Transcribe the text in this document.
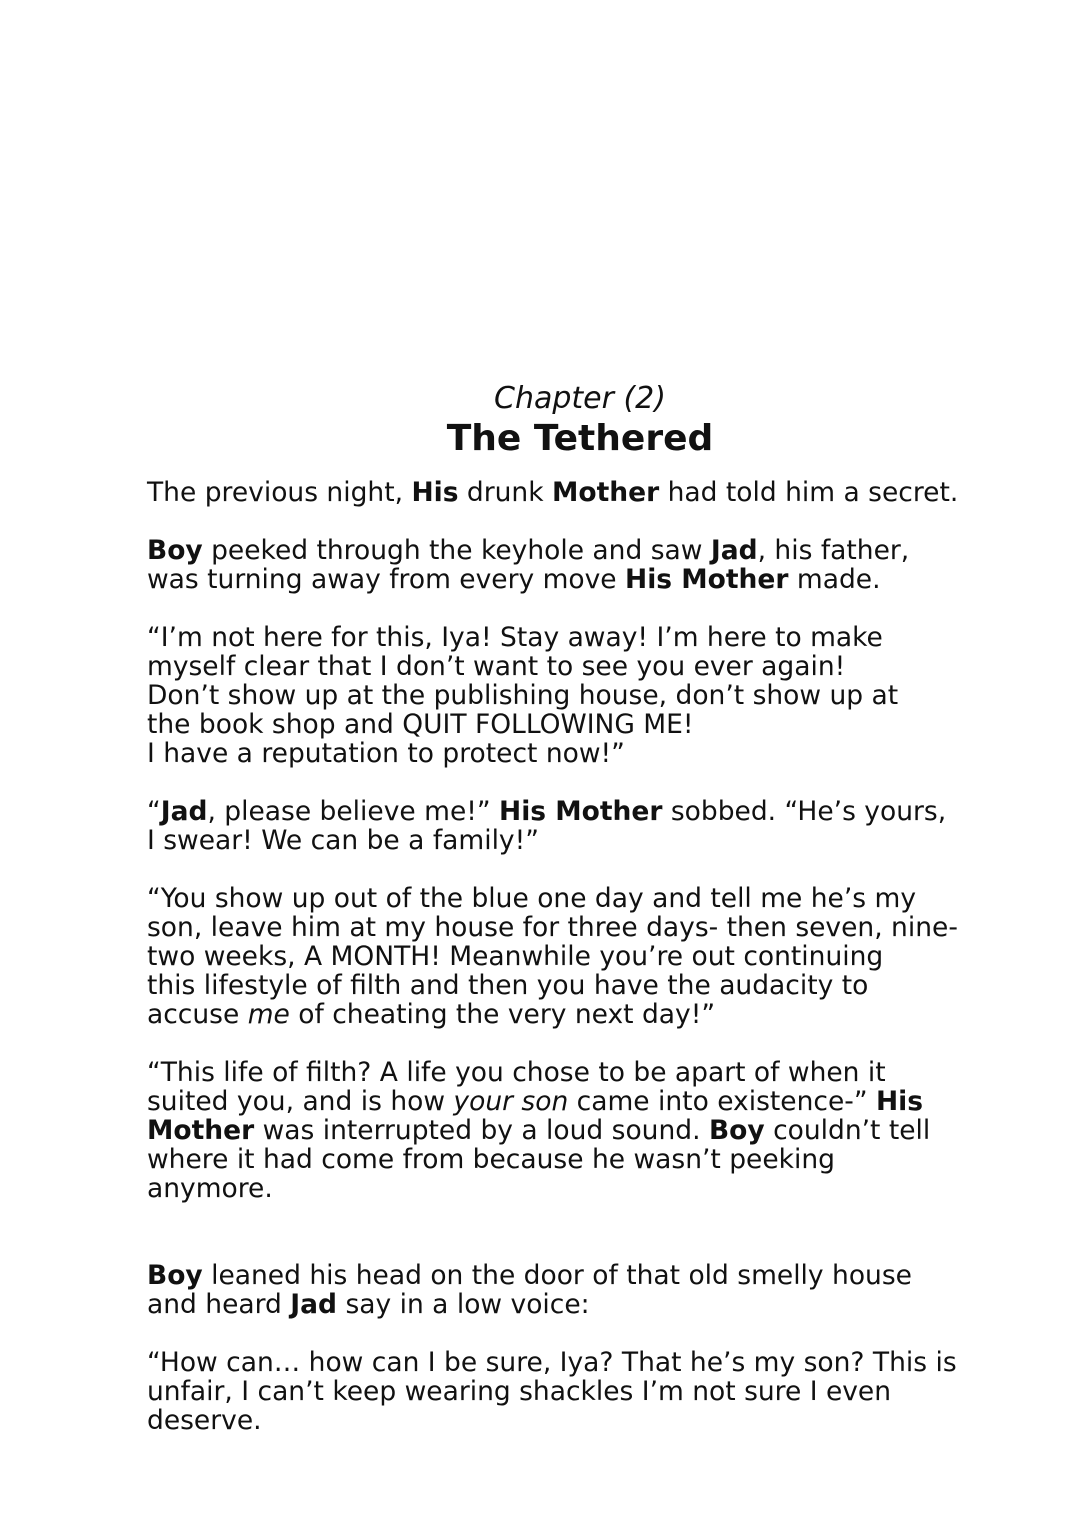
Chapter (2)

The Tethered

The previous night, His drunk Mother had told him a secret.

Boy peeked through the keyhole and saw Jad, his father,
was turning away from every move His Mother made.

“I’m not here for this, Iya! Stay away! I’m here to make
myself clear that I don’t want to see you ever again!
Don’t show up at the publishing house, don’t show up at
the book shop and QUIT FOLLOWING ME!
I have a reputation to protect now!”

“Jad, please believe me!” His Mother sobbed. “He’s yours,
I swear! We can be a family!”

“You show up out of the blue one day and tell me he’s my
son, leave him at my house for three days- then seven, nine-
two weeks, A MONTH! Meanwhile you’re out continuing
this lifestyle of filth and then you have the audacity to
accuse me of cheating the very next day!”

“This life of filth? A life you chose to be apart of when it
suited you, and is how your son came into existence-” His
Mother was interrupted by a loud sound. Boy couldn’t tell
where it had come from because he wasn’t peeking
anymore.

Boy leaned his head on the door of that old smelly house
and heard Jad say in a low voice:

“How can… how can I be sure, Iya? That he’s my son? This is
unfair, I can’t keep wearing shackles I’m not sure I even
deserve.
